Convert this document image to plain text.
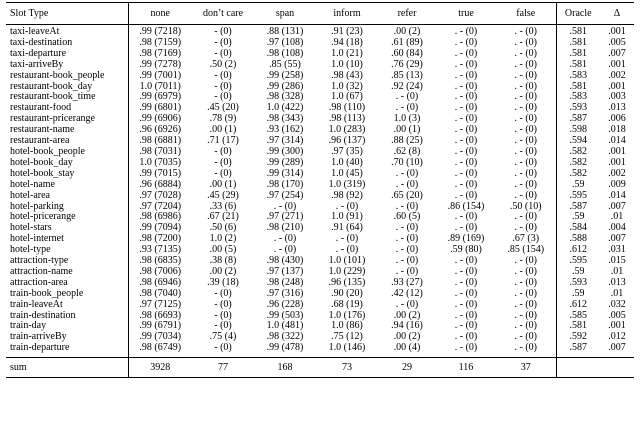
Slot Type	none	don’t care	span	inform	refer	true	false	Oracle	Δ
taxi-leaveAt	.99 (7218)	- (0)	.88 (131)	.91 (23)	.00 (2)	. - (0)	. - (0)	.581	.001
taxi-destination	.98 (7159)	- (0)	.97 (108)	.94 (18)	.61 (89)	. - (0)	. - (0)	.581	.005
taxi-departure	.98 (7169)	- (0)	.98 (108)	1.0 (21)	.60 (84)	. - (0)	. - (0)	.581	.007
taxi-arriveBy	.99 (7278)	.50 (2)	.85 (55)	1.0 (10)	.76 (29)	. - (0)	. - (0)	.581	.001
restaurant-book_people	.99 (7001)	- (0)	.99 (258)	.98 (43)	.85 (13)	. - (0)	. - (0)	.583	.002
restaurant-book_day	1.0 (7011)	- (0)	.99 (286)	1.0 (32)	.92 (24)	. - (0)	. - (0)	.581	.001
restaurant-book_time	.99 (6979)	- (0)	.98 (328)	1.0 (67)	. - (0)	. - (0)	. - (0)	.583	.003
restaurant-food	.99 (6801)	.45 (20)	1.0 (422)	.98 (110)	. - (0)	. - (0)	. - (0)	.593	.013
restaurant-pricerange	.99 (6906)	.78 (9)	.98 (343)	.98 (113)	1.0 (3)	. - (0)	. - (0)	.587	.006
restaurant-name	.96 (6926)	.00 (1)	.93 (162)	1.0 (283)	.00 (1)	. - (0)	. - (0)	.598	.018
restaurant-area	.98 (6881)	.71 (17)	.97 (314)	.96 (137)	.88 (25)	. - (0)	. - (0)	.594	.014
hotel-book_people	.98 (7031)	- (0)	.99 (300)	.97 (35)	.62 (8)	. - (0)	. - (0)	.582	.001
hotel-book_day	1.0 (7035)	- (0)	.99 (289)	1.0 (40)	.70 (10)	. - (0)	. - (0)	.582	.001
hotel-book_stay	.99 (7015)	- (0)	.99 (314)	1.0 (45)	. - (0)	. - (0)	. - (0)	.582	.002
hotel-name	.96 (6884)	.00 (1)	.98 (170)	1.0 (319)	. - (0)	. - (0)	. - (0)	.59	.009
hotel-area	.97 (7028)	.45 (29)	.97 (254)	.98 (92)	.65 (20)	. - (0)	. - (0)	.595	.014
hotel-parking	.97 (7204)	.33 (6)	. - (0)	. - (0)	. - (0)	.86 (154)	.50 (10)	.587	.007
hotel-pricerange	.98 (6986)	.67 (21)	.97 (271)	1.0 (91)	.60 (5)	. - (0)	. - (0)	.59	.01
hotel-stars	.99 (7094)	.50 (6)	.98 (210)	.91 (64)	. - (0)	. - (0)	. - (0)	.584	.004
hotel-internet	.98 (7200)	1.0 (2)	. - (0)	. - (0)	. - (0)	.89 (169)	.67 (3)	.588	.007
hotel-type	.93 (7135)	.00 (5)	. - (0)	. - (0)	. - (0)	.59 (80)	.85 (154)	.612	.031
attraction-type	.98 (6835)	.38 (8)	.98 (430)	1.0 (101)	. - (0)	. - (0)	. - (0)	.595	.015
attraction-name	.98 (7006)	.00 (2)	.97 (137)	1.0 (229)	. - (0)	. - (0)	. - (0)	.59	.01
attraction-area	.98 (6946)	.39 (18)	.98 (248)	.96 (135)	.93 (27)	. - (0)	. - (0)	.593	.013
train-book_people	.98 (7040)	- (0)	.97 (316)	.90 (20)	.42 (12)	. - (0)	. - (0)	.59	.01
train-leaveAt	.97 (7125)	- (0)	.96 (228)	.68 (19)	. - (0)	. - (0)	. - (0)	.612	.032
train-destination	.98 (6693)	- (0)	.99 (503)	1.0 (176)	.00 (2)	. - (0)	. - (0)	.585	.005
train-day	.99 (6791)	- (0)	1.0 (481)	1.0 (86)	.94 (16)	. - (0)	. - (0)	.581	.001
train-arriveBy	.99 (7034)	.75 (4)	.98 (322)	.75 (12)	.00 (2)	. - (0)	. - (0)	.592	.012
train-departure	.98 (6749)	- (0)	.99 (478)	1.0 (146)	.00 (4)	. - (0)	. - (0)	.587	.007
sum	3928	77	168	73	29	116	37		
